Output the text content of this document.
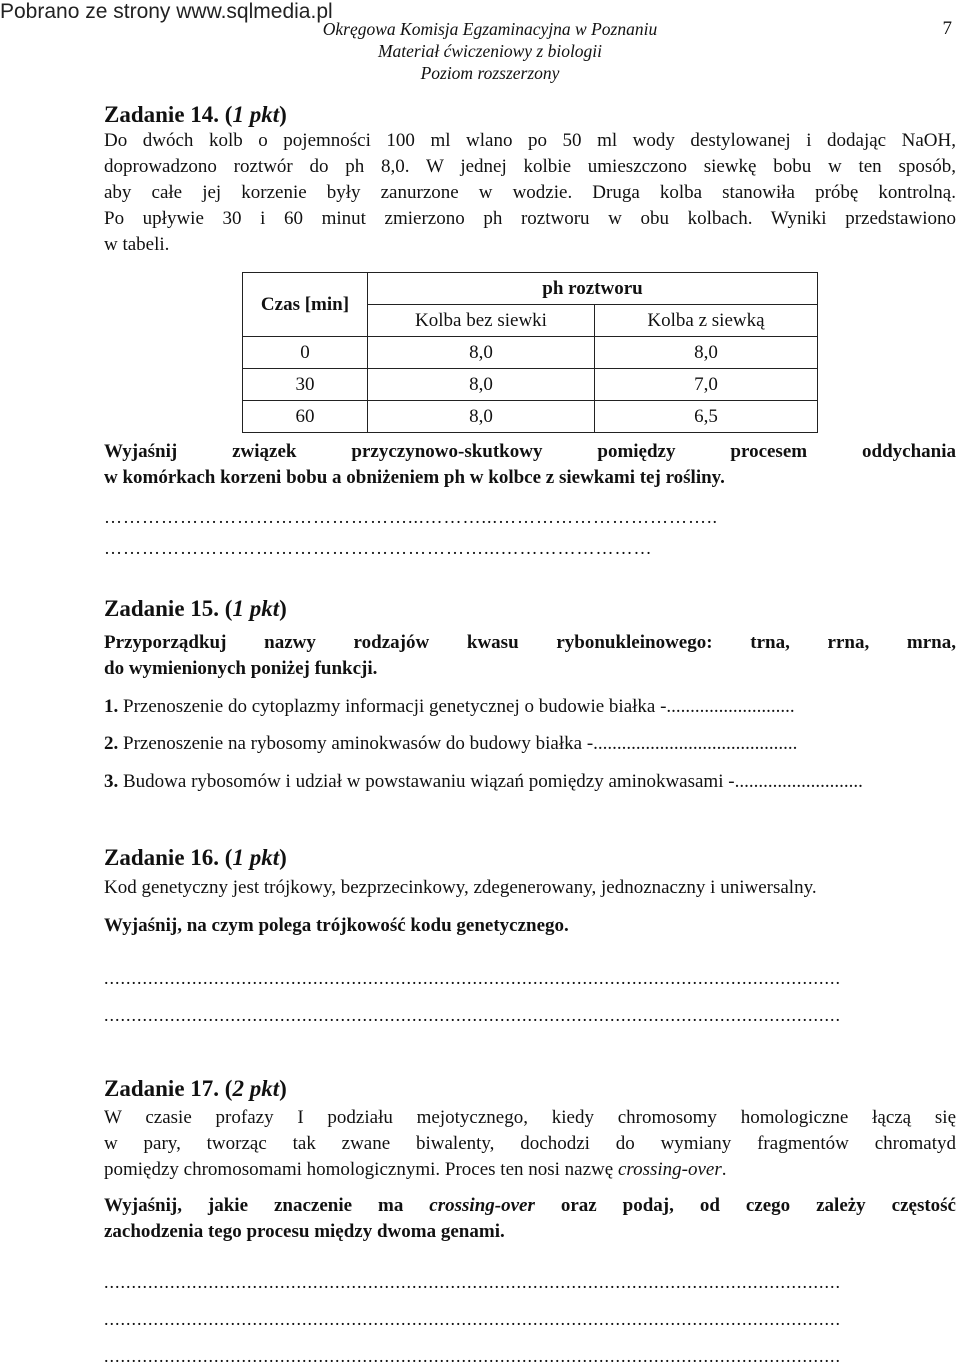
Pobrano ze strony www.sqlmedia.pl
Okręgowa Komisja Egzaminacyjna w Poznaniu
Materiał ćwiczeniowy z biologii
Poziom rozszerzony
7
Zadanie 14. (1 pkt)
Do dwóch kolb o pojemności 100 ml wlano po 50 ml wody destylowanej i dodając NaOH,
doprowadzono roztwór do ph 8,0. W jednej kolbie umieszczono siewkę bobu w ten sposób,
aby całe jej korzenie były zanurzone w wodzie. Druga kolba stanowiła próbę kontrolną.
Po upływie 30 i 60 minut zmierzono ph roztworu w obu kolbach. Wyniki przedstawiono
w tabeli.
Czas [min]	ph roztworu	
	Kolba bez siewki	Kolba z siewką
0	8,0	8,0
30	8,0	7,0
60	8,0	6,5
Wyjaśnij związek przyczynowo-skutkowy pomiędzy procesem oddychania
w komórkach korzeni bobu a obniżeniem ph w kolbce z siewkami tej rośliny.
…………………………………………...………...……………………………..
……………………………………………………...……………………
Zadanie 15. (1 pkt)
Przyporządkuj nazwy rodzajów kwasu rybonukleinowego: trna, rrna, mrna,
do wymienionych poniżej funkcji.
1. Przenoszenie do cytoplazmy informacji genetycznej o budowie białka -...........................
2. Przenoszenie na rybosomy aminokwasów do budowy białka -...........................................
3. Budowa rybosomów i udział w powstawaniu wiązań pomiędzy aminokwasami -...........................
Zadanie 16. (1 pkt)
Kod genetyczny jest trójkowy, bezprzecinkowy, zdegenerowany, jednoznaczny i uniwersalny.
Wyjaśnij, na czym polega trójkowość kodu genetycznego.
......................................................................................................................................
......................................................................................................................................
Zadanie 17. (2 pkt)
W czasie profazy I podziału mejotycznego, kiedy chromosomy homologiczne łączą się
w pary, tworząc tak zwane biwalenty, dochodzi do wymiany fragmentów chromatyd
pomiędzy chromosomami homologicznymi. Proces ten nosi nazwę crossing-over.
Wyjaśnij, jakie znaczenie ma crossing-over oraz podaj, od czego zależy częstość
zachodzenia tego procesu między dwoma genami.
......................................................................................................................................
......................................................................................................................................
......................................................................................................................................
